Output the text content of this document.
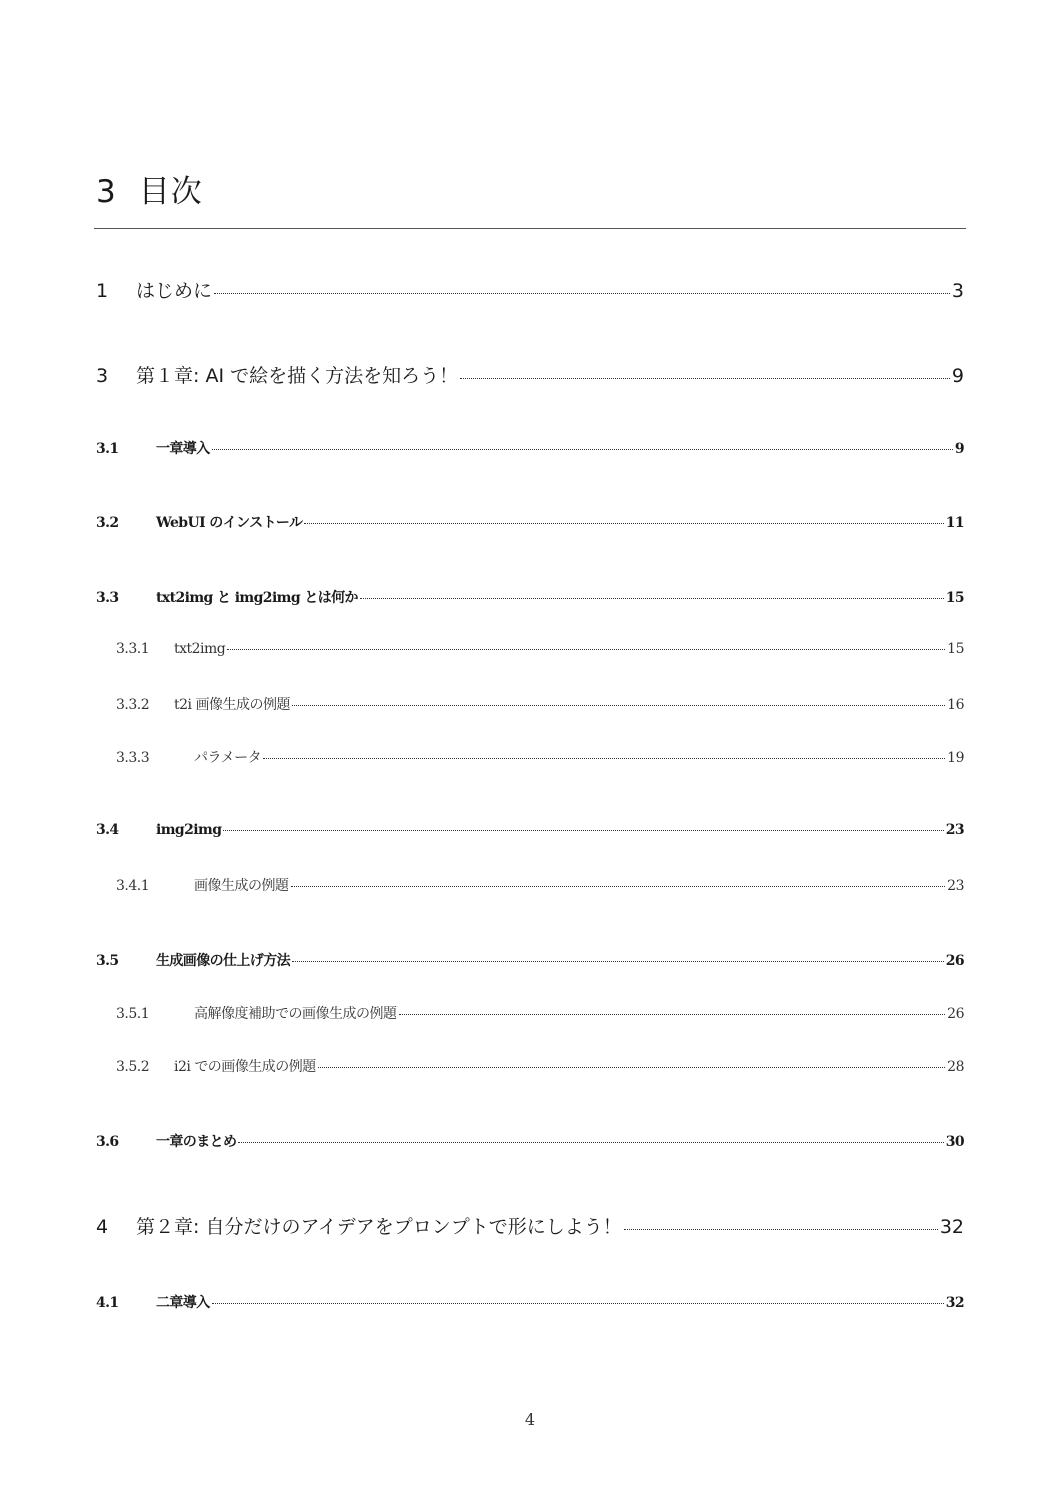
3 目次
1	はじめに	3
3	第１章: AI で絵を描く方法を知ろう！	9
3.1	一章導入	9
3.2	WebUI のインストール	11
3.3	txt2img と img2img とは何か	15
3.3.1	txt2img	15
3.3.2	t2i 画像生成の例題	16
3.3.3	パラメータ	19
3.4	img2img	23
3.4.1	画像生成の例題	23
3.5	生成画像の仕上げ方法	26
3.5.1	高解像度補助での画像生成の例題	26
3.5.2	i2i での画像生成の例題	28
3.6	一章のまとめ	30
4	第２章: 自分だけのアイデアをプロンプトで形にしよう！	32
4.1	二章導入	32
4
